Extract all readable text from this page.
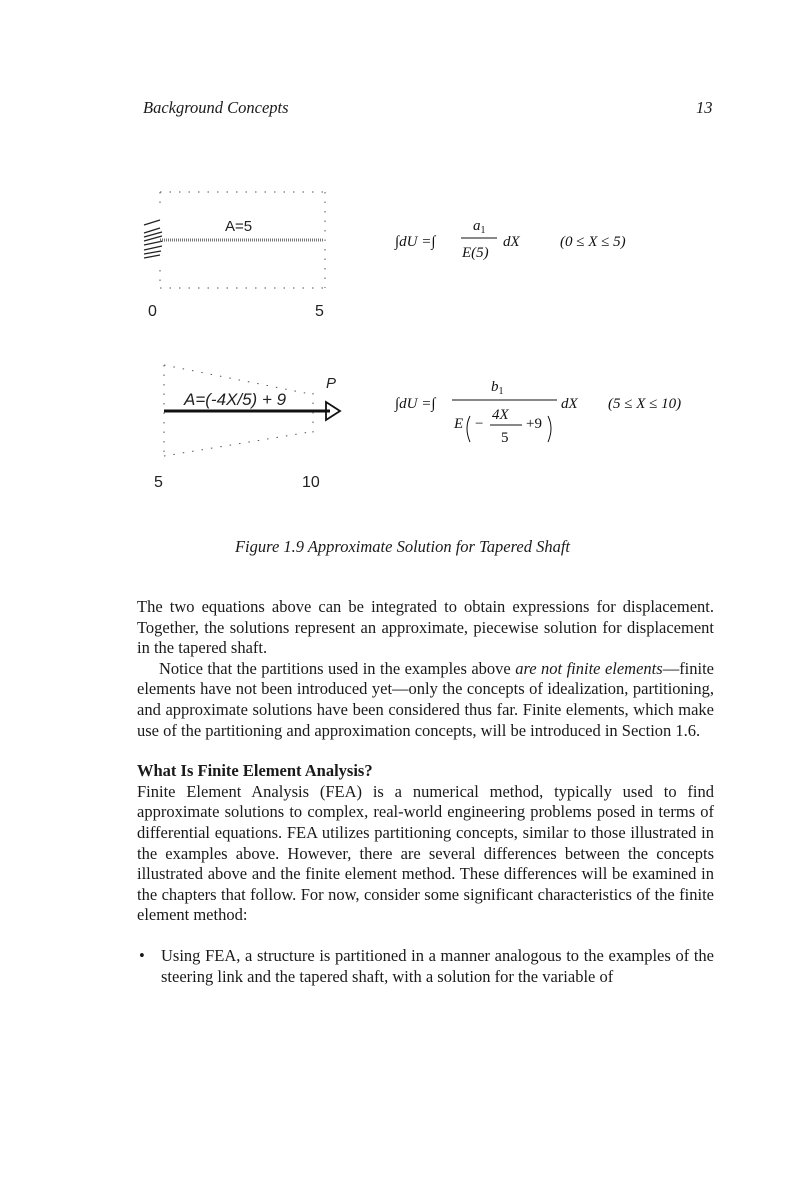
Background Concepts	13
A=5
0	5
A=(-4X/5) + 9
P
5	10
∫dU =∫
$a_1$
E(5)
dX	(0 ≤ X ≤ 5)
∫dU =∫
$b_1$
E −
4X
5
+9
dX (5 ≤ X ≤ 10)
Figure 1.9 Approximate Solution for Tapered Shaft

The two equations above can be integrated to obtain expressions for displacement. Together, the solutions represent an approximate, piecewise solution for displacement in the tapered shaft.

Notice that the partitions used in the examples above are not finite elements—finite elements have not been introduced yet—only the concepts of idealization, partitioning, and approximate solutions have been considered thus far. Finite elements, which make use of the partitioning and approximation concepts, will be introduced in Section 1.6.

What Is Finite Element Analysis?

Finite Element Analysis (FEA) is a numerical method, typically used to find approximate solutions to complex, real-world engineering problems posed in terms of differential equations. FEA utilizes partitioning concepts, similar to those illustrated in the examples above. However, there are several differences between the concepts illustrated above and the finite element method. These differences will be examined in the chapters that follow. For now, consider some significant characteristics of the finite element method:

• Using FEA, a structure is partitioned in a manner analogous to the examples of the steering link and the tapered shaft, with a solution for the variable of
